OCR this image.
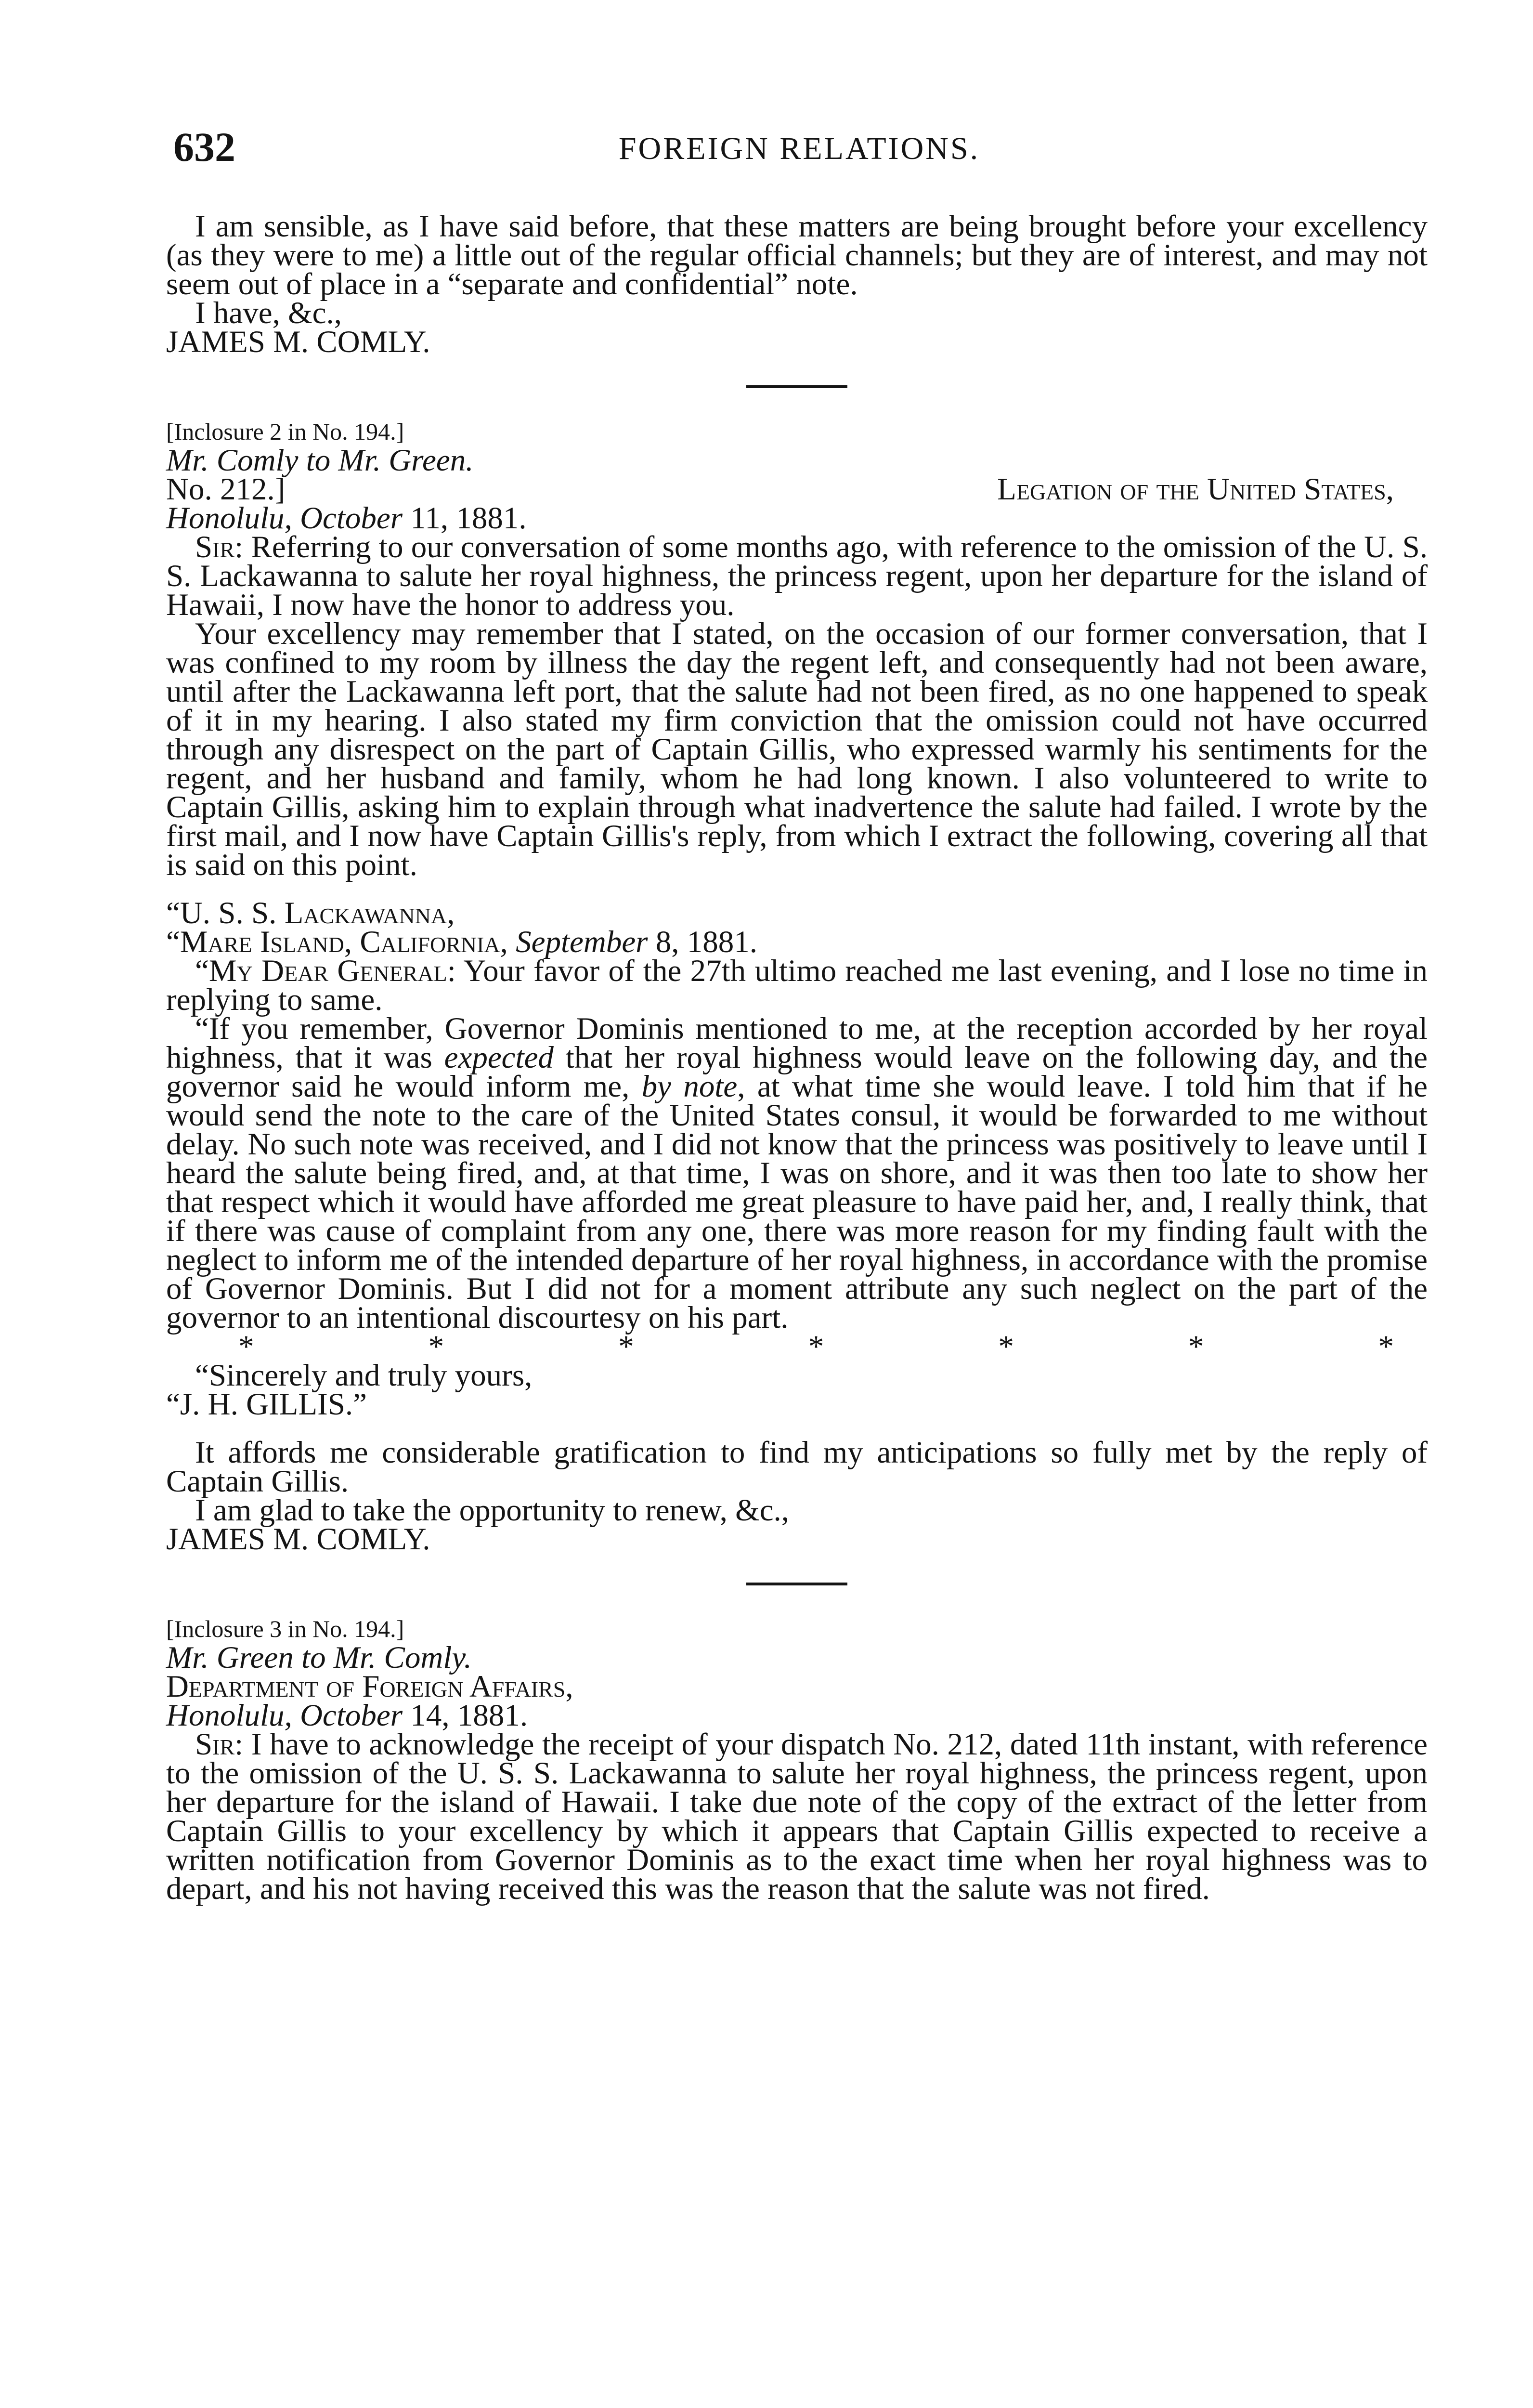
632	FOREIGN RELATIONS.

I am sensible, as I have said before, that these matters are being brought before your excellency (as they were to me) a little out of the regular official channels; but they are of interest, and may not seem out of place in a “separate and confidential” note.

I have, &c.,

JAMES M. COMLY.

[Inclosure 2 in No. 194.]

Mr. Comly to Mr. Green.

No. 212.]	Legation of the United States,

Honolulu, October 11, 1881.

Sir: Referring to our conversation of some months ago, with reference to the omission of the U. S. S. Lackawanna to salute her royal highness, the princess regent, upon her departure for the island of Hawaii, I now have the honor to address you.

Your excellency may remember that I stated, on the occasion of our former conversation, that I was confined to my room by illness the day the regent left, and consequently had not been aware, until after the Lackawanna left port, that the salute had not been fired, as no one happened to speak of it in my hearing. I also stated my firm conviction that the omission could not have occurred through any disrespect on the part of Captain Gillis, who expressed warmly his sentiments for the regent, and her husband and family, whom he had long known. I also volunteered to write to Captain Gillis, asking him to explain through what inadvertence the salute had failed. I wrote by the first mail, and I now have Captain Gillis's reply, from which I extract the following, covering all that is said on this point.

“U. S. S. Lackawanna,

“Mare Island, California, September 8, 1881.

“My Dear General: Your favor of the 27th ultimo reached me last evening, and I lose no time in replying to same.

“If you remember, Governor Dominis mentioned to me, at the reception accorded by her royal highness, that it was expected that her royal highness would leave on the following day, and the governor said he would inform me, by note, at what time she would leave. I told him that if he would send the note to the care of the United States consul, it would be forwarded to me without delay. No such note was received, and I did not know that the princess was positively to leave until I heard the salute being fired, and, at that time, I was on shore, and it was then too late to show her that respect which it would have afforded me great pleasure to have paid her, and, I really think, that if there was cause of complaint from any one, there was more reason for my finding fault with the neglect to inform me of the intended departure of her royal highness, in accordance with the promise of Governor Dominis. But I did not for a moment attribute any such neglect on the part of the governor to an intentional discourtesy on his part.

*	*	*	*	*	*	*

“Sincerely and truly yours,

“J. H. GILLIS.”

It affords me considerable gratification to find my anticipations so fully met by the reply of Captain Gillis.

I am glad to take the opportunity to renew, &c.,

JAMES M. COMLY.

[Inclosure 3 in No. 194.]

Mr. Green to Mr. Comly.

Department of Foreign Affairs,

Honolulu, October 14, 1881.

Sir: I have to acknowledge the receipt of your dispatch No. 212, dated 11th instant, with reference to the omission of the U. S. S. Lackawanna to salute her royal highness, the princess regent, upon her departure for the island of Hawaii. I take due note of the copy of the extract of the letter from Captain Gillis to your excellency by which it appears that Captain Gillis expected to receive a written notification from Governor Dominis as to the exact time when her royal highness was to depart, and his not having received this was the reason that the salute was not fired.
